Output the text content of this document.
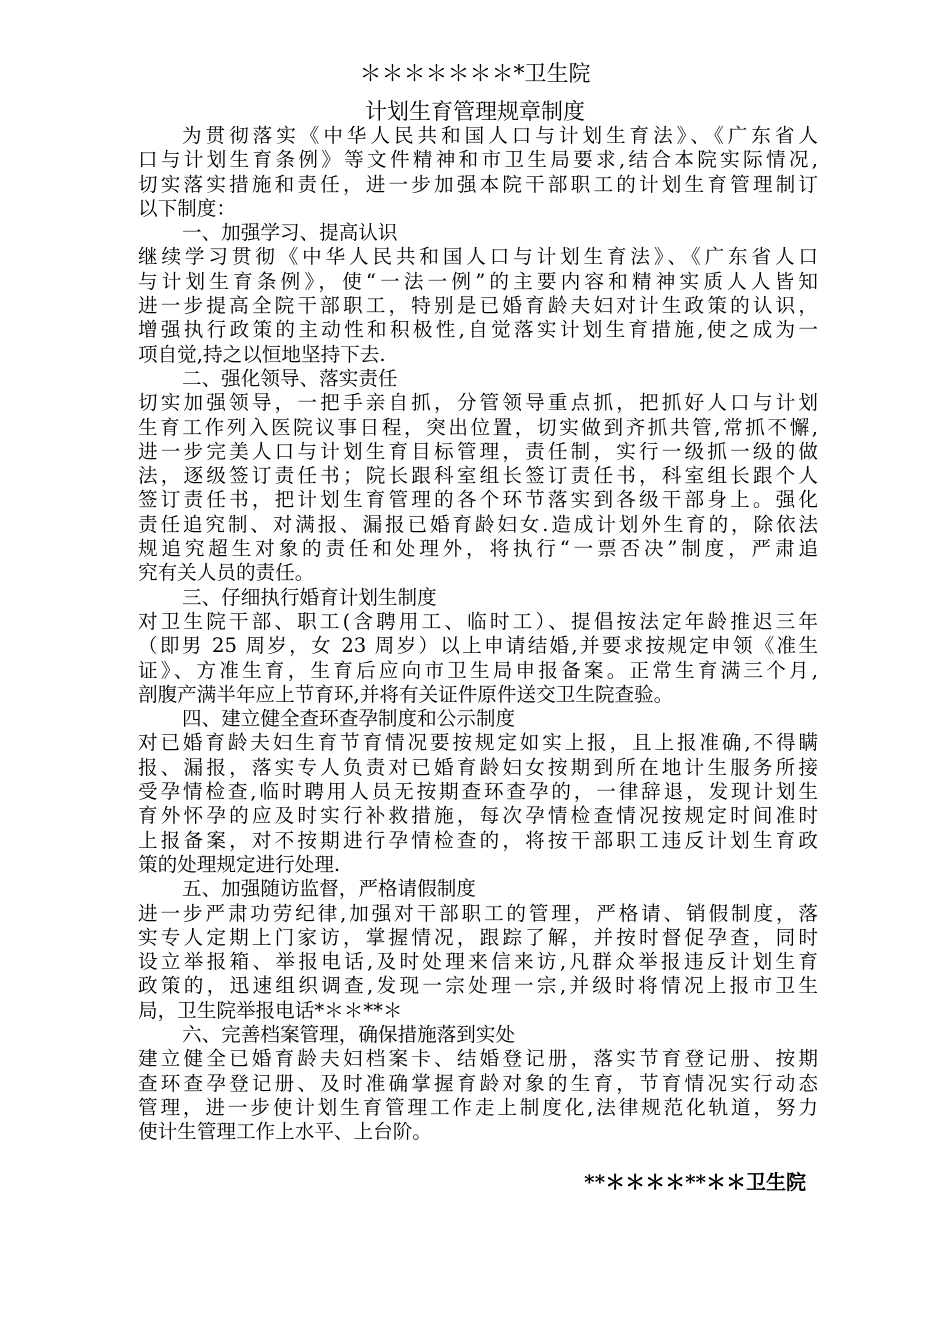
＊＊＊＊＊＊＊*卫生院
计划生育管理规章制度
为贯彻落实《中华人民共和国人口与计划生育法》、《广东省人
口与计划生育条例》等文件精神和市卫生局要求,结合本院实际情况,
切实落实措施和责任，进一步加强本院干部职工的计划生育管理制订
以下制度：
一、加强学习、提高认识
继续学习贯彻《中华人民共和国人口与计划生育法》、《广东省人口
与计划生育条例》，使“一法一例”的主要内容和精神实质人人皆知
进一步提高全院干部职工，特别是已婚育龄夫妇对计生政策的认识，
增强执行政策的主动性和积极性,自觉落实计划生育措施,使之成为一
项自觉,持之以恒地坚持下去.
二、强化领导、落实责任
切实加强领导，一把手亲自抓，分管领导重点抓，把抓好人口与计划
生育工作列入医院议事日程，突出位置，切实做到齐抓共管,常抓不懈,
进一步完美人口与计划生育目标管理，责任制，实行一级抓一级的做
法，逐级签订责任书；院长跟科室组长签订责任书，科室组长跟个人
签订责任书，把计划生育管理的各个环节落实到各级干部身上。强化
责任追究制、对满报、漏报已婚育龄妇女.造成计划外生育的，除依法
规追究超生对象的责任和处理外，将执行“一票否决”制度，严肃追
究有关人员的责任。
三、仔细执行婚育计划生制度
对卫生院干部、职工(含聘用工、临时工）、提倡按法定年龄推迟三年
（即男 25 周岁，女 23 周岁）以上申请结婚,并要求按规定申领《准生
证》、方准生育，生育后应向市卫生局申报备案。正常生育满三个月,
剖腹产满半年应上节育环,并将有关证件原件送交卫生院查验。
四、建立健全查环查孕制度和公示制度
对已婚育龄夫妇生育节育情况要按规定如实上报，且上报准确,不得瞒
报、漏报，落实专人负责对已婚育龄妇女按期到所在地计生服务所接
受孕情检查,临时聘用人员无按期查环查孕的，一律辞退，发现计划生
育外怀孕的应及时实行补救措施，每次孕情检查情况按规定时间准时
上报备案，对不按期进行孕情检查的，将按干部职工违反计划生育政
策的处理规定进行处理.
五、加强随访监督，严格请假制度
进一步严肃功劳纪律,加强对干部职工的管理，严格请、销假制度，落
实专人定期上门家访，掌握情况，跟踪了解，并按时督促孕查，同时
设立举报箱、举报电话,及时处理来信来访,凡群众举报违反计划生育
政策的，迅速组织调查,发现一宗处理一宗,并级时将情况上报市卫生
局，卫生院举报电话*＊＊**＊
六、完善档案管理，确保措施落到实处
建立健全已婚育龄夫妇档案卡、结婚登记册，落实节育登记册、按期
查环查孕登记册、及时准确掌握育龄对象的生育，节育情况实行动态
管理，进一步使计划生育管理工作走上制度化,法律规范化轨道，努力
使计生管理工作上水平、上台阶。
**＊＊＊＊**＊＊卫生院
